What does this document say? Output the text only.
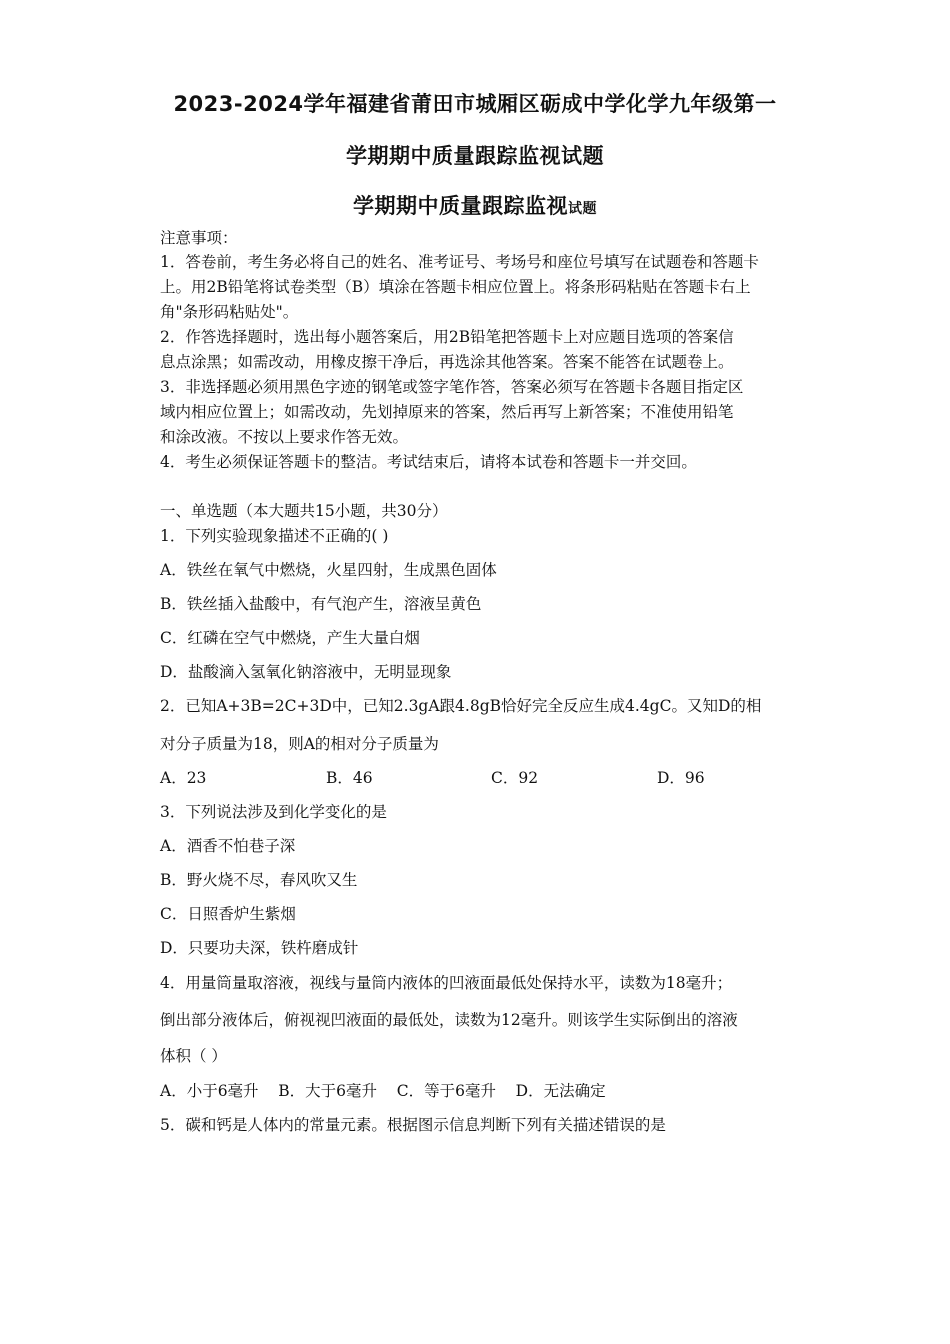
2023-2024学年福建省莆田市城厢区砺成中学化学九年级第一
学期期中质量跟踪监视试题
学期期中质量跟踪监视试题
注意事项：
1．答卷前，考生务必将自己的姓名、准考证号、考场号和座位号填写在试题卷和答题卡
上。用2B铅笔将试卷类型（B）填涂在答题卡相应位置上。将条形码粘贴在答题卡右上
角"条形码粘贴处"。
2．作答选择题时，选出每小题答案后，用2B铅笔把答题卡上对应题目选项的答案信
息点涂黑；如需改动，用橡皮擦干净后，再选涂其他答案。答案不能答在试题卷上。
3．非选择题必须用黑色字迹的钢笔或签字笔作答，答案必须写在答题卡各题目指定区
域内相应位置上；如需改动，先划掉原来的答案，然后再写上新答案；不准使用铅笔
和涂改液。不按以上要求作答无效。
4．考生必须保证答题卡的整洁。考试结束后，请将本试卷和答题卡一并交回。
一、单选题（本大题共15小题，共30分）
1．下列实验现象描述不正确的( )
A．铁丝在氧气中燃烧，火星四射，生成黑色固体
B．铁丝插入盐酸中，有气泡产生，溶液呈黄色
C．红磷在空气中燃烧，产生大量白烟
D．盐酸滴入氢氧化钠溶液中，无明显现象
2．已知A+3B=2C+3D中，已知2.3gA跟4.8gB恰好完全反应生成4.4gC。又知D的相
对分子质量为18，则A的相对分子质量为
A．23	B．46	C．92	D．96
3．下列说法涉及到化学变化的是
A．酒香不怕巷子深
B．野火烧不尽，春风吹又生
C．日照香炉生紫烟
D．只要功夫深，铁杵磨成针
4．用量筒量取溶液，视线与量筒内液体的凹液面最低处保持水平，读数为18毫升；
倒出部分液体后，俯视视凹液面的最低处，读数为12毫升。则该学生实际倒出的溶液
体积（ ）
A．小于6毫升    B．大于6毫升    C．等于6毫升    D．无法确定
5．碳和钙是人体内的常量元素。根据图示信息判断下列有关描述错误的是
